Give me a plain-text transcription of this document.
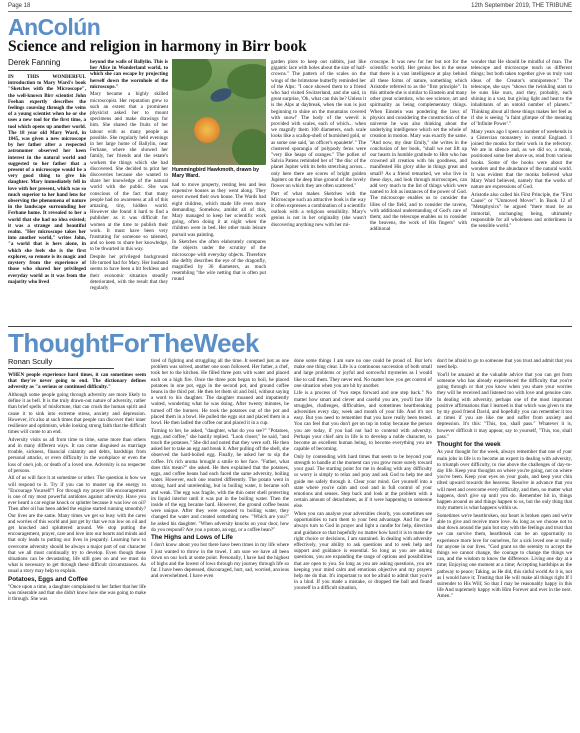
Page 18	12th September 2019, THE TRIBUNE
AnColún
Science and religion in harmony in Birr book
Derek Fanning

IN THIS WONDERFUL introduction to Mary Ward's book "Sketches with the Microscope", the well-known Birr scientist John Feehan expertly describes the feelings coursing through the veins of a young scientist when he or she uses a new tool for the first time, a tool which opens up another world. The 18 year old Mary Ward, in 1845, was given a new microscope by her father after a respected astronomer observed her keen interest in the natural world and suggested to her father that a present of a microscope would be a very good thing to give his daughter. Mary immediately fell in love with her present, which was so much superior to her hand lens for observing the phenomena of nature in the landscape surrounding her Ferbane home. It revealed to her a world that she had no idea existed; it was a strange and beautiful realm. "Her microscope takes her into another world," writes John, "a world that is hers alone, in which she feels she is the first explorer, so remote is its magic and mystery from the experience of those who shared her privileged everyday world as it was from the majority who lived

beyond the walls of Ballylin. This is her Alice in Wonderland world, to which she can escape by projecting herself down the wormhole of the microscope."

Mary became a highly skilled microscopist. Her reputation grew to such an extent that a prominent physicist asked her to mount specimens and make drawings for him. She shared the fruits of her labour with as many people as possible. She regularly held evenings in her large home of Ballylin, near Ferbane, where she showed her family, her friends and the estate's workers the things which she had discovered. She decided to print her discoveries because she wanted to share her knowledge of the natural world with the public. She was conscious of the fact that many people had no awareness at all of this amazing, tiny, hidden world. However she found it hard to find a publisher as it was difficult for women at the time to publish their work. It must have been very frustrating for someone so talented, and so keen to share her knowledge, to be thwarted in this way.

Despite her privileged background life turned bad for Mary. Her husband seems to have been a bit feckless and their economic situation steadily deteriorated, with the result that they regularly

Hummingbird Hawkmoth, drawn by Mary Ward.

had to move property, renting less and less expensive houses as they went along. They never owned their own house. The Wards had eight children, which made life even more demanding. Somehow, amidst all of this, Mary managed to keep her scientific work going, often doing it at night when the children were in bed. Her other main leisure pursuit was painting.

In Sketches she often elaborately compares the objects under the scrutiny of the microscope with everyday objects. Therefore she deftly describes the eye of the dragonfly, magnified by 36 diameters, as much resembling "the wire netting that is often put round

garden plots to keep out rabbits, just like gigantic lace with holes about the size of half-crowns." The pattern of the scales on the wings of the brimstone butterfly reminded her of the Alps: "I once showed them to a friend who had visited Switzerland, and she said, in great surprise, 'Oh, what can this be? Unless it is the Alps at daybreak, when the sun is just beginning to shine on the mountains covered with snow!' The body of the weevil is provided with scales, each of which... when we magnify them 100 diameters, each scale looks like a scallop-shell of burnished gold, or as some one said, 'an officer's epaulette'." The clustered sporangia of polypody ferns were "very like heaps of oranges." The pollen of Salvia Patens reminded her of "the disc of the planet Jupiter with its belts stretching across... only here there are scores of bright golden Jupiters on the deep blue ground of the lovely flower on which they are often scattered."

Part of what makes Sketches with the Microscope such an attractive book is the way it often expresses a combination of a scientific outlook with a religious sensibility. Mary's genius is not in her originality (she wasn't discovering anything new with her mi-

croscope. It was new for her but not for the scientific world). Her genius lies in the sense that there is a vast intelligence at play behind all these forms of nature, something which Aristotle referred to as the "first principle". In this attitude she is similar to Einstein and many other great scientists, who see science, art and spirituality as being complementary things. When Einstein was pondering the laws of physics and considering the construction of the universe he was also thinking about the underlying intelligence which set the whole of creation in motion. Mary was exactly the same. "And now, my dear Emily," she writes in the conclusion of her book, "shall we not lift up our hearts in humble gratitude to Him who has crowned all creation with his goodness, and manifested His glory alike in things great and small? As a friend remarked, we who live in these days, and look through microscopes, can add very much to the list of things which were named to Job as instances of the power of God. The microscope enables us to consider the lilies of the field, and to consider the ravens, with additional understanding of God's care of them; and the telescope enables us to consider the heavens, the work of His fingers" with additional

wonder that He should be mindful of man. The telescope and microscope teach us different things; but both taken together give us truly vast ideas of the Creator's omnipotence." The telescope, she says "shows the twinkling stars to be suns like ours, and they, probably, each shining in a vast, but giving light and heat to the inhabitants of an untold number of planets." Thinking about all these things makes her feel as if she is seeing "a faint glimpse of the meaning of 'Infinite Power'."

Many years ago I spent a number of weekends in a Cistercian monastery in central England. I joined the monks for their work in the refectory. We ate in silence and, as we did so, a monk, positioned some feet above us, read from various books. Some of the books were about the wonders and the abundance of the natural world. It was evident that the monks believed what Mary Ward believed, namely that the works of nature are expressions of God.

Aristotle also called his First Principle, the "First Cause" or "Unmoved Mover". In Book 12 of "Metaphysics" he argued "there must be an immortal, unchanging being, ultimately responsible for all wholeness and orderliness in the sensible world."

ThoughtForTheWeek
Ronan Scully

WHEN people experience hard times, it can sometimes seem that they're never going to end. The dictionary defines adversity as "a serious or continued difficulty."

Although some people going through adversity are more likely to define it as hell. It is the truly drawn-out nature of adversity, rather than brief spells of misfortune, that can crush the human spirit and cause it to sink into extreme stress, anxiety and depression. However, it's also at such times that people can discover their inner resilience and optimism, while looking strong faith that the difficult times will come to an end.

Adversity visits us all from time to time, some more than others and in many different ways. It can come disguised as marriage trouble, sickness, financial calamity and debts, hardships from personal attacks, or even difficulty in the workplace or even the loss of one's job, or death of a loved one. Adversity is no respecter of persons.

All of us will face it at sometime or other. The question is how we will respond to it. Try if you can to muster up the energy to "Encourage Yourself"! For through my prayer life encouragement is one of my most powerful antidotes against adversity. Have you ever heard a car engine knock or splutter because it was low on oil? Then after oil has been added the engine started running smoothly? Our lives are the same. Many times we get so busy with the cares and worries of this world and just get by that we run low on oil and get knocked and spluttered around. We stop putting the encouragement, prayer, care and love into our hearts and minds and that only leads to putting our lives in jeopardy. Learning how to overcome adversity should be always a major part of our character that we all must continually try to develop. Even though these situations can be devastating, life still goes on and we must do what is necessary to get through these difficult circumstances. As usual a story may help to explain.

Potatoes, Eggs and Coffee

"Once upon a time, a daughter complained to her father that her life was miserable and that she didn't know how she was going to make it through. She was

tired of fighting and struggling all the time. It seemed just as one problem was solved, another one soon followed. Her father, a chef, took her to the kitchen. He filled three pots with water and placed each on a high fire. Once the three pots began to boil, he placed potatoes in one pot, eggs in the second pot, and ground coffee beans in the third pot. He then let them sit and boil, without saying a word to his daughter. The daughter moaned and impatiently waited, wondering what he was doing. After twenty minutes, he turned off the burners. He took the potatoes out of the pot and placed them in a bowl. He pulled the eggs out and placed them in a bowl. He then ladled the coffee out and placed it in a cup.

Turning to her, he asked, "daughter, what do you see?" "Potatoes, eggs, and coffee," she hastily replied. "Look closer," he said, "and touch the potatoes." She did and noted that they were soft. He then asked her to take an egg and break it. After pulling off the shell, she observed the hard-boiled egg. Finally, he asked her to sip the coffee. It's rich aroma brought a smile to her face. "Father, what does this mean?" she asked. He then explained that the potatoes, eggs, and coffee beans had each faced the same adversity, boiling water. However, each one reacted differently. The potato went in strong, hard and unrelenting, but in boiling water, it became soft and weak. The egg was fragile, with the thin outer shell protecting its liquid interior until it was put in the boiling water. Then the inside of the egg became hard. However, the ground coffee beans were unique. After they were exposed to boiling water, they changed the water and created something new. "Which are you?" he asked his daughter. "When adversity knocks on your door, how do you respond? Are you a potato, an egg, or a coffee bean?"

The Highs and Lows of Life

I don't know about you but there have been times in my life where I just wanted to throw in the towel. I am sure we have all been down on our luck at some point. Personally, I have had the highest of highs and the lowest of lows through my journey through life so far. I have been depressed, discouraged, hurt, sad, worried, anxious and overwhelmed. I have even

done some things I am sure no one could be proud of. But let's make one thing clear. Life is a continuous succession of both small and large problems or joyful and sorrowful mysteries as I would like to call them. They never end. No matter how you get control of one situation when you are hit by another.

Life is a process of "two steps forward and one step back." No matter how smart and clever and careful you are, you'll face life struggles, challenges, difficulties, and sometimes heartbreaking adversities every day, week and month of your life. And it's not easy. But you need to remember that you have really been tested. You can feel that you don't get on top in today because the person you are today, if you had not had to contend with adversity. Perhaps your chief aim in life is to develop a noble character, to become an excellent human being, to become everything you are capable of becoming.

Only by contending with hard times that seem to be beyond your strength to handle at the moment can you grow more surely toward your goal. The starting point for me in dealing with any difficulty or worry is simply to relax and pray and ask God to help me and guide me safely through it. Clear your mind. Get yourself into a state where you're calm and cool and in full control of your emotions and senses. Step back and look at the problem with a certain amount of detachment, as if it were happening to someone else.

When you can analyse your adversities clearly, you sometimes see opportunities to turn them to your best advantage. And for me I always turn to God in prayer and light a candle for help, direction and guidance so that hopefully no matter how hard it is to make the right choice or decisions, I am sustained. In dealing with adversity effectively, your ability to ask questions and to seek help and support and guidance is essential. So long as you are asking questions, you are expanding the range of options and possibilities that are open to you. So long as you are asking questions, you are keeping your mind calm and emotions objective and my prayers help me do that. It's important to not be afraid to admit that you're in a bind. If you made a mistake, or dropped the ball and found yourself in a difficult situation,

don't be afraid to go to someone that you trust and admit that you need help.

You'll be amazed at the valuable advice that you can get from someone who has already experienced the difficulty that you're going through or that you know when you share your worries they will be received and listened too with love and genuine care. In dealing with adversity, perhaps one of the most important positive affirmations that I learned is that which was given to me by my good friend David, and hopefully you can remember it too at times if you are like me and suffer from anxiety and depression. It's this: "This, too, shall pass." Whatever it is, however difficult it may appear, say to yourself, "This, too, shall pass."

Thought for the week

As your thought for the week, always remember that one of your main jobs in life is to become an expert in dealing with adversity, to triumph over difficulty, to rise above the challenges of day-to-day life. Keep your thoughts on where you're going, not on where you've been. Keep your eyes on your goals, and keep your chin tilted upward towards the heavens. Resolve in advance that you will meet and overcome every difficulty, and then, no matter what happens, don't give up until you do. Remember hit in, things happen around us and things happen to us, but the only thing that truly matters is what happens within us.

Sometimes we're heartbroken, our heart is broken open and we're able to give and receive more love. As long as we choose not to shut down around the pain but stay with the feelings and trust that we can survive them, heartbreak can be an opportunity to experience more love for ourselves, for a sick loved one or really for anyone in our lives. "God grant us the serenity to accept the things we cannot change, the courage to change the things we can, and the wisdom to know the difference. Living one day at a time; Enjoying one moment at a time; Accepting hardships as the pathway to peace; Taking, as He did, this sinful world As it is, not as I would have it; Trusting that He will make all things right If I surrender to His Will; So that I may be reasonably happy in this life And supremely happy with Him Forever and ever in the next. Amen."
